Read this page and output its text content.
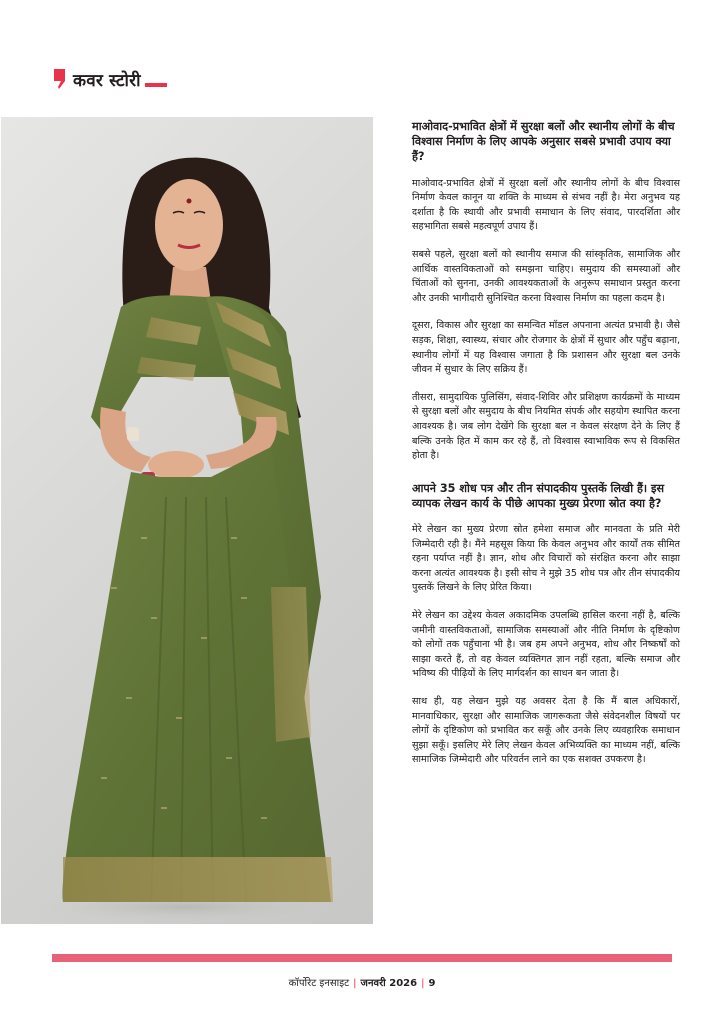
कवर स्टोरी

माओवाद-प्रभावित क्षेत्रों में सुरक्षा बलों और स्थानीय लोगों के बीच विश्वास निर्माण के लिए आपके अनुसार सबसे प्रभावी उपाय क्या हैं?

माओवाद-प्रभावित क्षेत्रों में सुरक्षा बलों और स्थानीय लोगों के बीच विश्वास निर्माण केवल कानून या शक्ति के माध्यम से संभव नहीं है। मेरा अनुभव यह दर्शाता है कि स्थायी और प्रभावी समाधान के लिए संवाद, पारदर्शिता और सहभागिता सबसे महत्वपूर्ण उपाय हैं।

सबसे पहले, सुरक्षा बलों को स्थानीय समाज की सांस्कृतिक, सामाजिक और आर्थिक वास्तविकताओं को समझना चाहिए। समुदाय की समस्याओं और चिंताओं को सुनना, उनकी आवश्यकताओं के अनुरूप समाधान प्रस्तुत करना और उनकी भागीदारी सुनिश्चित करना विश्वास निर्माण का पहला कदम है।

दूसरा, विकास और सुरक्षा का समन्वित मॉडल अपनाना अत्यंत प्रभावी है। जैसे सड़क, शिक्षा, स्वास्थ्य, संचार और रोजगार के क्षेत्रों में सुधार और पहुँच बढ़ाना, स्थानीय लोगों में यह विश्वास जगाता है कि प्रशासन और सुरक्षा बल उनके जीवन में सुधार के लिए सक्रिय हैं।

तीसरा, सामुदायिक पुलिसिंग, संवाद-शिविर और प्रशिक्षण कार्यक्रमों के माध्यम से सुरक्षा बलों और समुदाय के बीच नियमित संपर्क और सहयोग स्थापित करना आवश्यक है। जब लोग देखेंगे कि सुरक्षा बल न केवल संरक्षण देने के लिए हैं बल्कि उनके हित में काम कर रहे हैं, तो विश्वास स्वाभाविक रूप से विकसित होता है।

आपने 35 शोध पत्र और तीन संपादकीय पुस्तकें लिखी हैं। इस व्यापक लेखन कार्य के पीछे आपका मुख्य प्रेरणा स्रोत क्या है?

मेरे लेखन का मुख्य प्रेरणा स्रोत हमेशा समाज और मानवता के प्रति मेरी जिम्मेदारी रही है। मैंने महसूस किया कि केवल अनुभव और कार्यों तक सीमित रहना पर्याप्त नहीं है। ज्ञान, शोध और विचारों को संरक्षित करना और साझा करना अत्यंत आवश्यक है। इसी सोच ने मुझे 35 शोध पत्र और तीन संपादकीय पुस्तकें लिखने के लिए प्रेरित किया।

मेरे लेखन का उद्देश्य केवल अकादमिक उपलब्धि हासिल करना नहीं है, बल्कि जमीनी वास्तविकताओं, सामाजिक समस्याओं और नीति निर्माण के दृष्टिकोण को लोगों तक पहुँचाना भी है। जब हम अपने अनुभव, शोध और निष्कर्षों को साझा करते हैं, तो वह केवल व्यक्तिगत ज्ञान नहीं रहता, बल्कि समाज और भविष्य की पीढ़ियों के लिए मार्गदर्शन का साधन बन जाता है।

साथ ही, यह लेखन मुझे यह अवसर देता है कि मैं बाल अधिकारों, मानवाधिकार, सुरक्षा और सामाजिक जागरूकता जैसे संवेदनशील विषयों पर लोगों के दृष्टिकोण को प्रभावित कर सकूँ और उनके लिए व्यवहारिक समाधान सुझा सकूँ। इसलिए मेरे लिए लेखन केवल अभिव्यक्ति का माध्यम नहीं, बल्कि सामाजिक जिम्मेदारी और परिवर्तन लाने का एक सशक्त उपकरण है।

कॉर्पोरेट इनसाइट | जनवरी 2026 | 9
